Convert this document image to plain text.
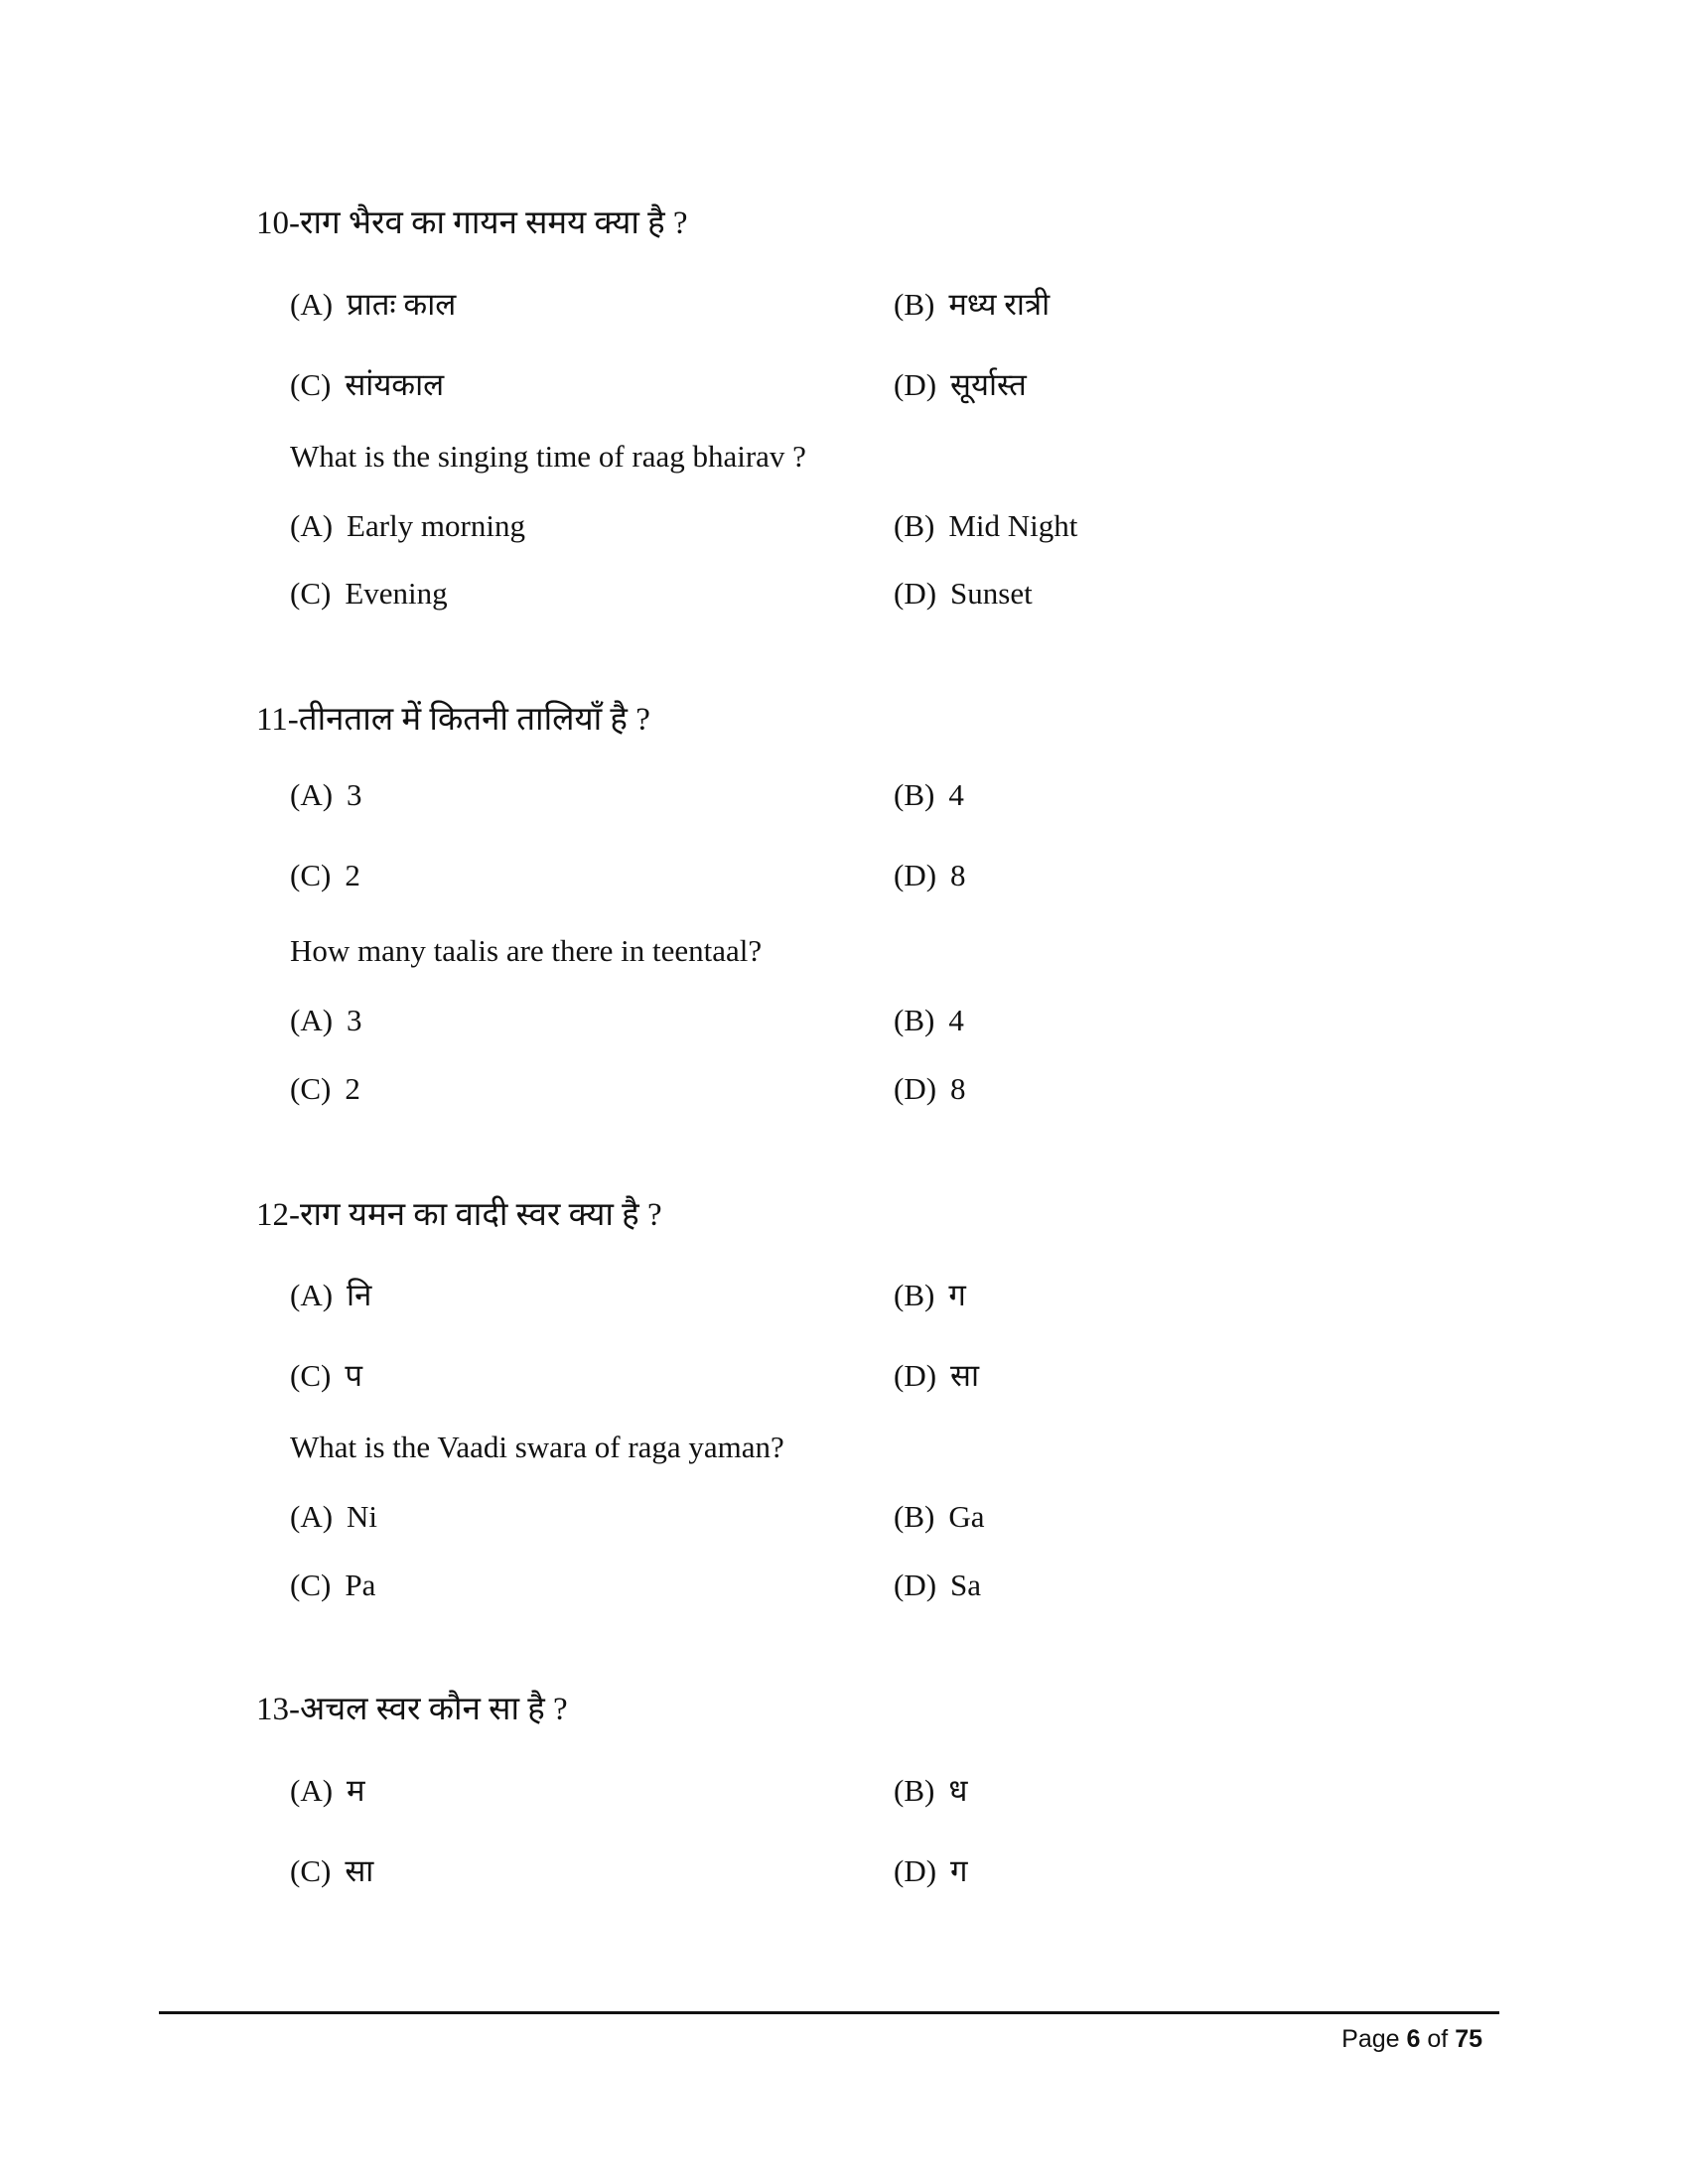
10-राग भैरव का गायन समय क्या है ?
(A) प्रातः काल	(B) मध्य रात्री
(C) सांयकाल	(D) सूर्यास्त
What is the singing time of raag bhairav ?
(A) Early morning	(B) Mid Night
(C) Evening	(D) Sunset
11-तीनताल में कितनी तालियाँ है ?
(A) 3	(B) 4
(C) 2	(D) 8
How many taalis are there in teentaal?
(A) 3	(B) 4
(C) 2	(D) 8
12-राग यमन का वादी स्वर क्या है ?
(A) नि	(B) ग
(C) प	(D) सा
What is the Vaadi swara of raga yaman?
(A) Ni	(B) Ga
(C) Pa	(D) Sa
13-अचल स्वर कौन सा है ?
(A) म	(B) ध
(C) सा	(D) ग
Page 6 of 75
